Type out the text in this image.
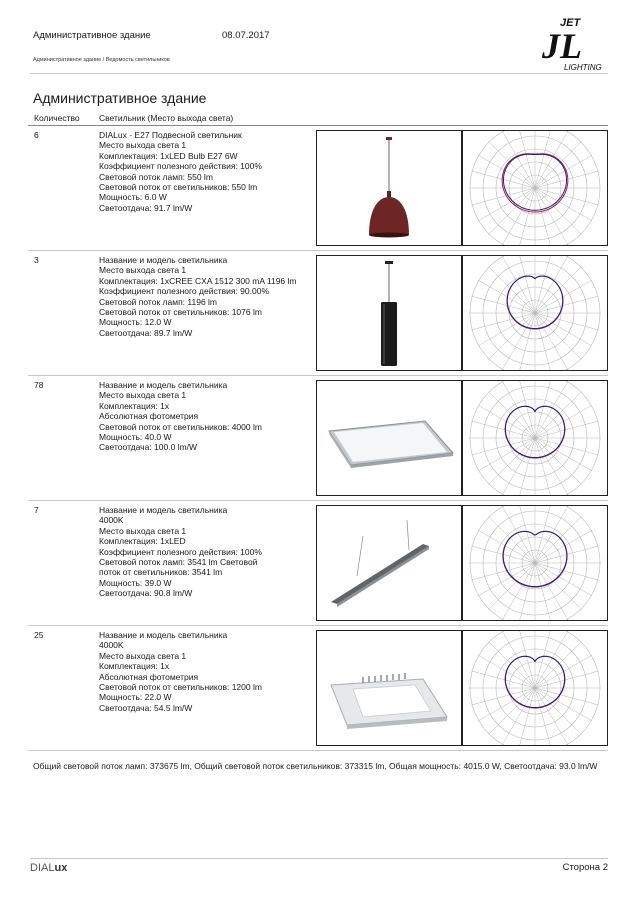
Административное здание	08.07.2017
Административное здание / Ведомость светильников
JET
JL
LIGHTING
Административное здание
Количество Светильник (Место выхода света)
6	DIALux - E27 Подвесной светильник
Место выхода света 1
Комплектация: 1xLED Bulb E27 6W
Коэффициент полезного действия: 100%
Световой поток ламп: 550 lm
Световой поток от светильников: 550 lm
Мощность: 6.0 W
Светоотдача: 91.7 lm/W
3	Название и модель светильника
Место выхода света 1
Комплектация: 1xCREE CXA 1512 300 mA 1196 lm
Коэффициент полезного действия: 90.00%
Световой поток ламп: 1196 lm
Световой поток от светильников: 1076 lm
Мощность: 12.0 W
Светоотдача: 89.7 lm/W
78	Название и модель светильника
Место выхода света 1
Комплектация: 1x
Абсолютная фотометрия
Световой поток от светильников: 4000 lm
Мощность: 40.0 W
Светоотдача: 100.0 lm/W
7	Название и модель светильника
4000K
Место выхода света 1
Комплектация: 1xLED
Коэффициент полезного действия: 100%
Световой поток ламп: 3541 lm Световой
поток от светильников: 3541 lm
Мощность: 39.0 W
Светоотдача: 90.8 lm/W
25	Название и модель светильника
4000K
Место выхода света 1
Комплектация: 1x
Абсолютная фотометрия
Световой поток от светильников: 1200 lm
Мощность: 22.0 W
Светоотдача: 54.5 lm/W
Общий световой поток ламп: 373675 lm, Общий световой поток светильников: 373315 lm, Общая мощность: 4015.0 W, Светоотдача: 93.0 lm/W
DIALux	Сторона 2
